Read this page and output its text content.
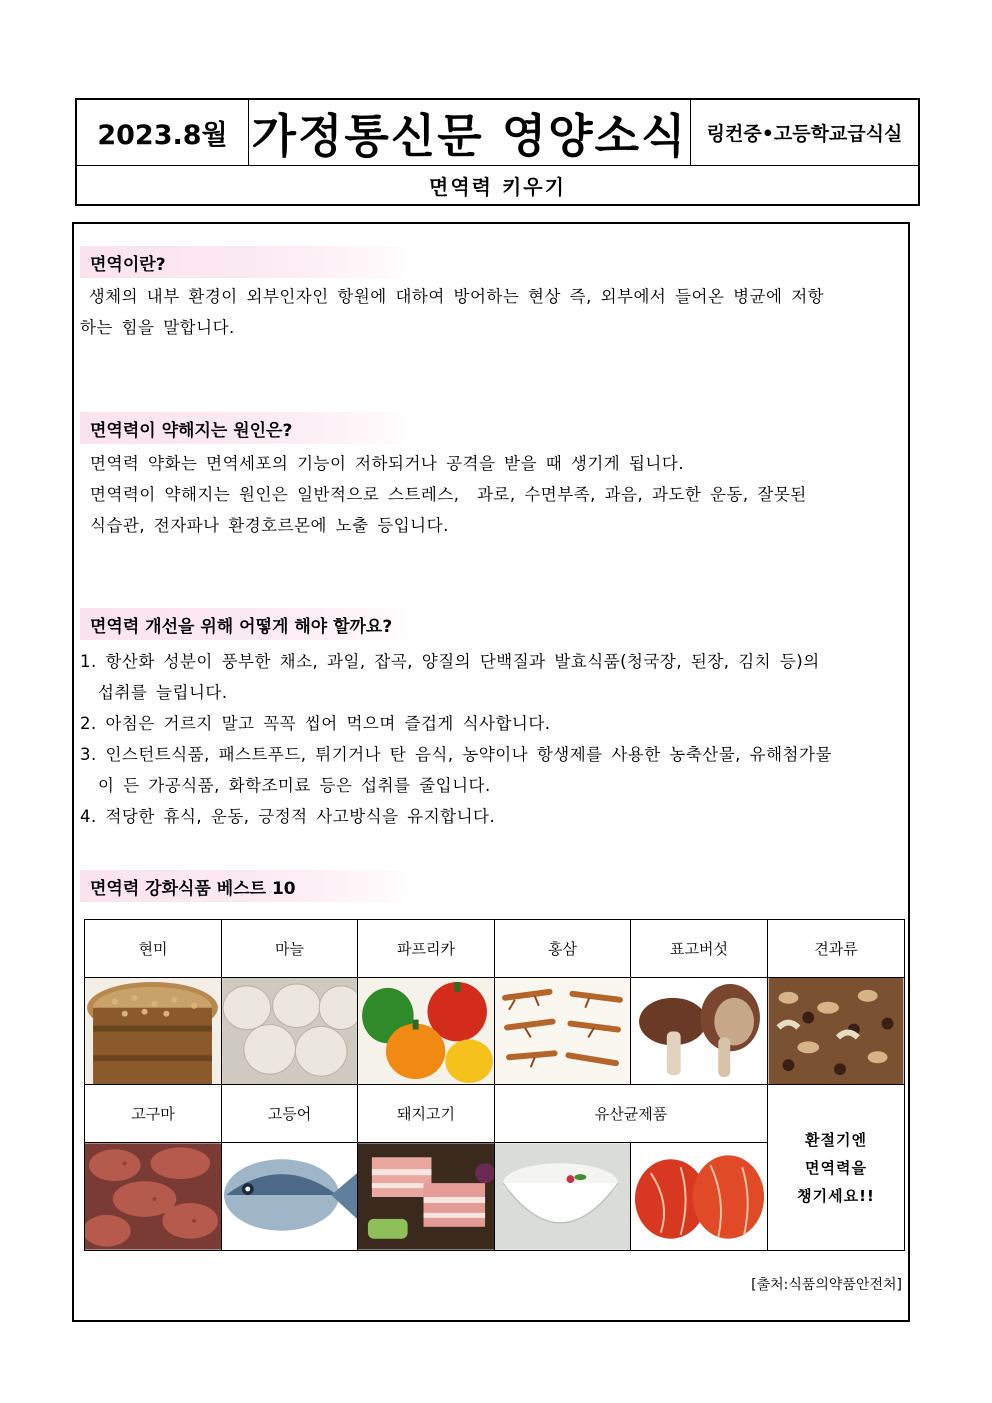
2023.8월 가정통신문 영양소식	링컨중•고등학교급식실
면역력 키우기
면역이란?
생체의 내부 환경이 외부인자인 항원에 대하여 방어하는 현상 즉, 외부에서 들어온 병균에 저항
하는 힘을 말합니다.
면역력이 약해지는 원인은?
면역력 약화는 면역세포의 기능이 저하되거나 공격을 받을 때 생기게 됩니다.
면역력이 약해지는 원인은 일반적으로 스트레스,  과로, 수면부족, 과음, 과도한 운동, 잘못된
식습관, 전자파나 환경호르몬에 노출 등입니다.
면역력 개선을 위해 어떻게 해야 할까요?
1. 항산화 성분이 풍부한 채소, 과일, 잡곡, 양질의 단백질과 발효식품(청국장, 된장, 김치 등)의
섭취를 늘립니다.
2. 아침은 거르지 말고 꼭꼭 씹어 먹으며 즐겁게 식사합니다.
3. 인스턴트식품, 패스트푸드, 튀기거나 탄 음식, 농약이나 항생제를 사용한 농축산물, 유해첨가물
이 든 가공식품, 화학조미료 등은 섭취를 줄입니다.
4. 적당한 휴식, 운동, 긍정적 사고방식을 유지합니다.
면역력 강화식품 베스트 10
현미	마늘	파프리카	홍삼	표고버섯	견과류
고구마	고등어	돼지고기	유산균제품
환절기엔
면역력을
챙기세요!!
[출처:식품의약품안전처]
